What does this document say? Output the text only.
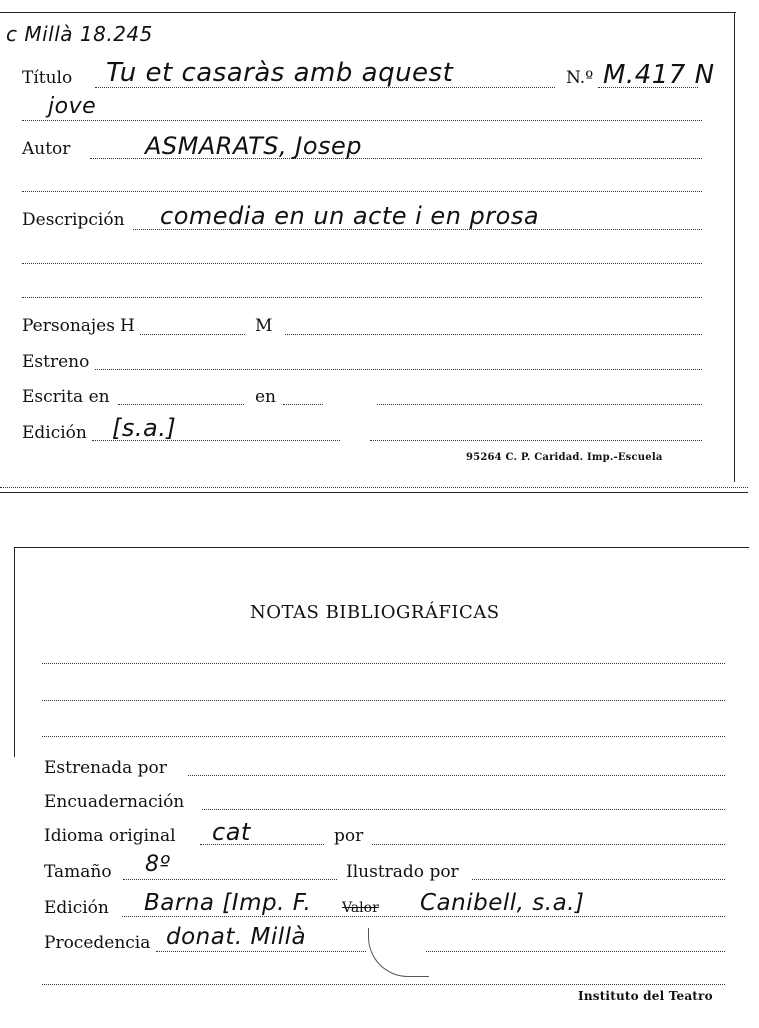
c Millà 18.245
Título Tu et casaràs amb aquest	N.º M.417 N
jove
Autor	ASMARATS, Josep
Descripción comedia en un acte i en prosa
Personajes H	M
Estreno
Escrita en	en
Edición [s.a.]
95264 C. P. Caridad. Imp.-Escuela
NOTAS BIBLIOGRÁFICAS
Estrenada por
Encuadernación
Idioma original cat	por
Tamaño 8º	Ilustrado por
Edición Barna [Imp. F. Valor Canibell, s.a.]
Procedencia donat. Millà
Instituto del Teatro
